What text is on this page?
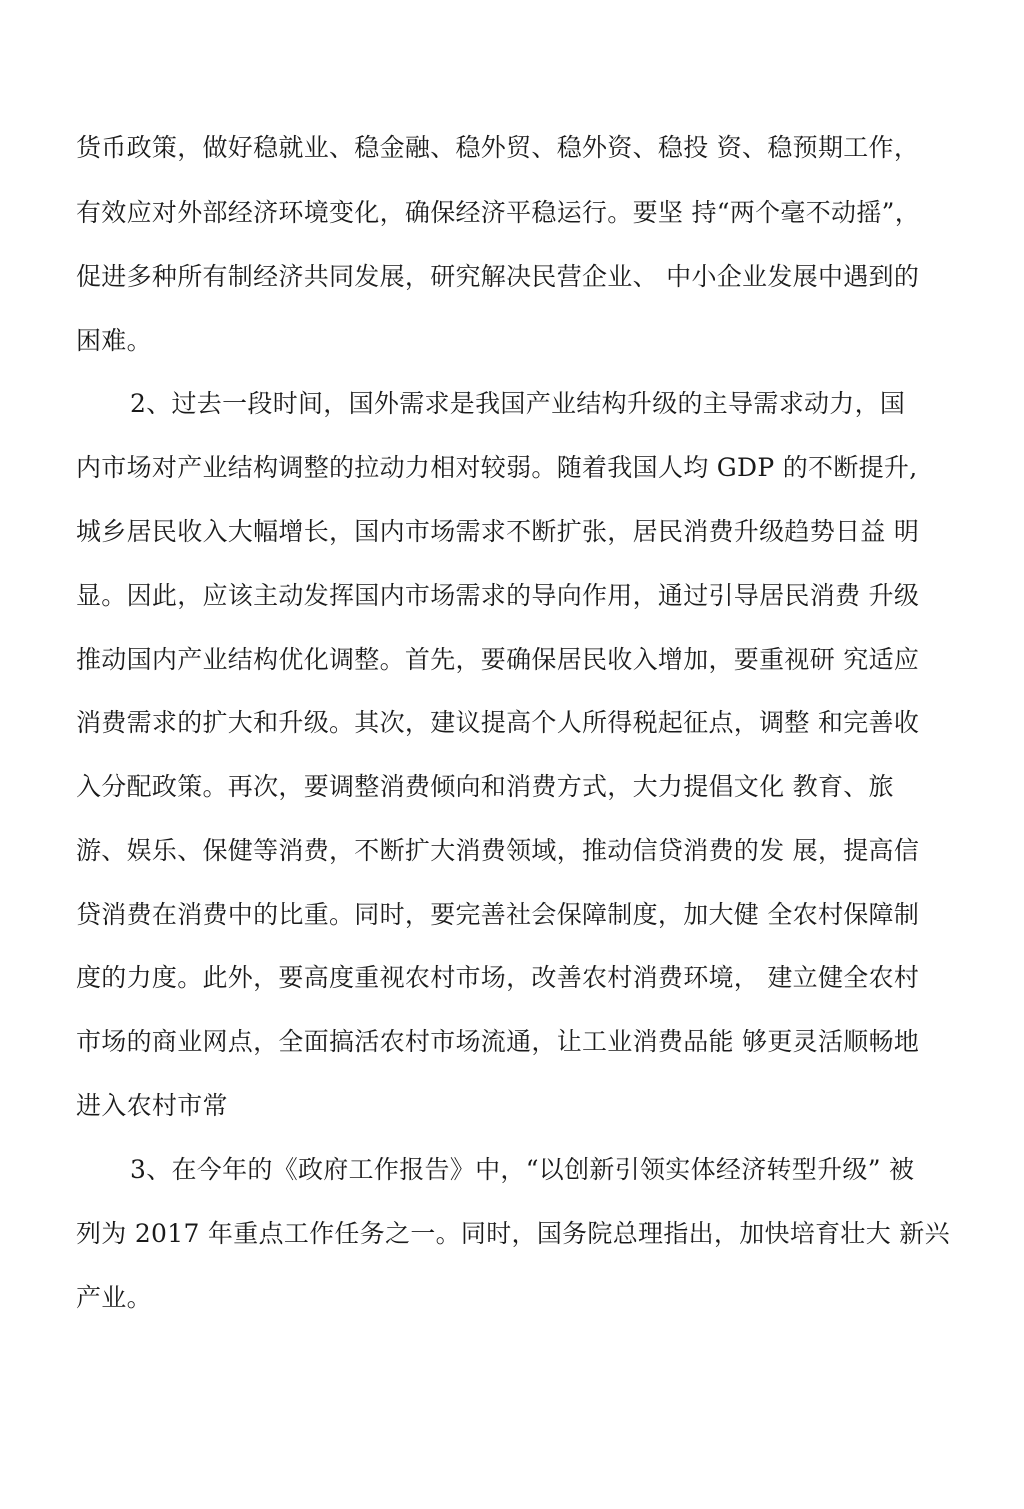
货币政策，做好稳就业、稳金融、稳外贸、稳外资、稳投 资、稳预期工作，
有效应对外部经济环境变化，确保经济平稳运行。要坚 持“两个毫不动摇”，
促进多种所有制经济共同发展，研究解决民营企业、 中小企业发展中遇到的
困难。
2、过去一段时间，国外需求是我国产业结构升级的主导需求动力，国
内市场对产业结构调整的拉动力相对较弱。随着我国人均 GDP 的不断提升,
城乡居民收入大幅增长，国内市场需求不断扩张，居民消费升级趋势日益 明
显。因此，应该主动发挥国内市场需求的导向作用，通过引导居民消费 升级
推动国内产业结构优化调整。首先，要确保居民收入增加，要重视研 究适应
消费需求的扩大和升级。其次，建议提高个人所得税起征点，调整 和完善收
入分配政策。再次，要调整消费倾向和消费方式，大力提倡文化 教育、旅
游、娱乐、保健等消费，不断扩大消费领域，推动信贷消费的发 展，提高信
贷消费在消费中的比重。同时，要完善社会保障制度，加大健 全农村保障制
度的力度。此外，要高度重视农村市场，改善农村消费环境， 建立健全农村
市场的商业网点，全面搞活农村市场流通，让工业消费品能 够更灵活顺畅地
进入农村市常
3、在今年的《政府工作报告》中，“以创新引领实体经济转型升级” 被
列为 2017 年重点工作任务之一。同时，国务院总理指出，加快培育壮大 新兴
产业。
